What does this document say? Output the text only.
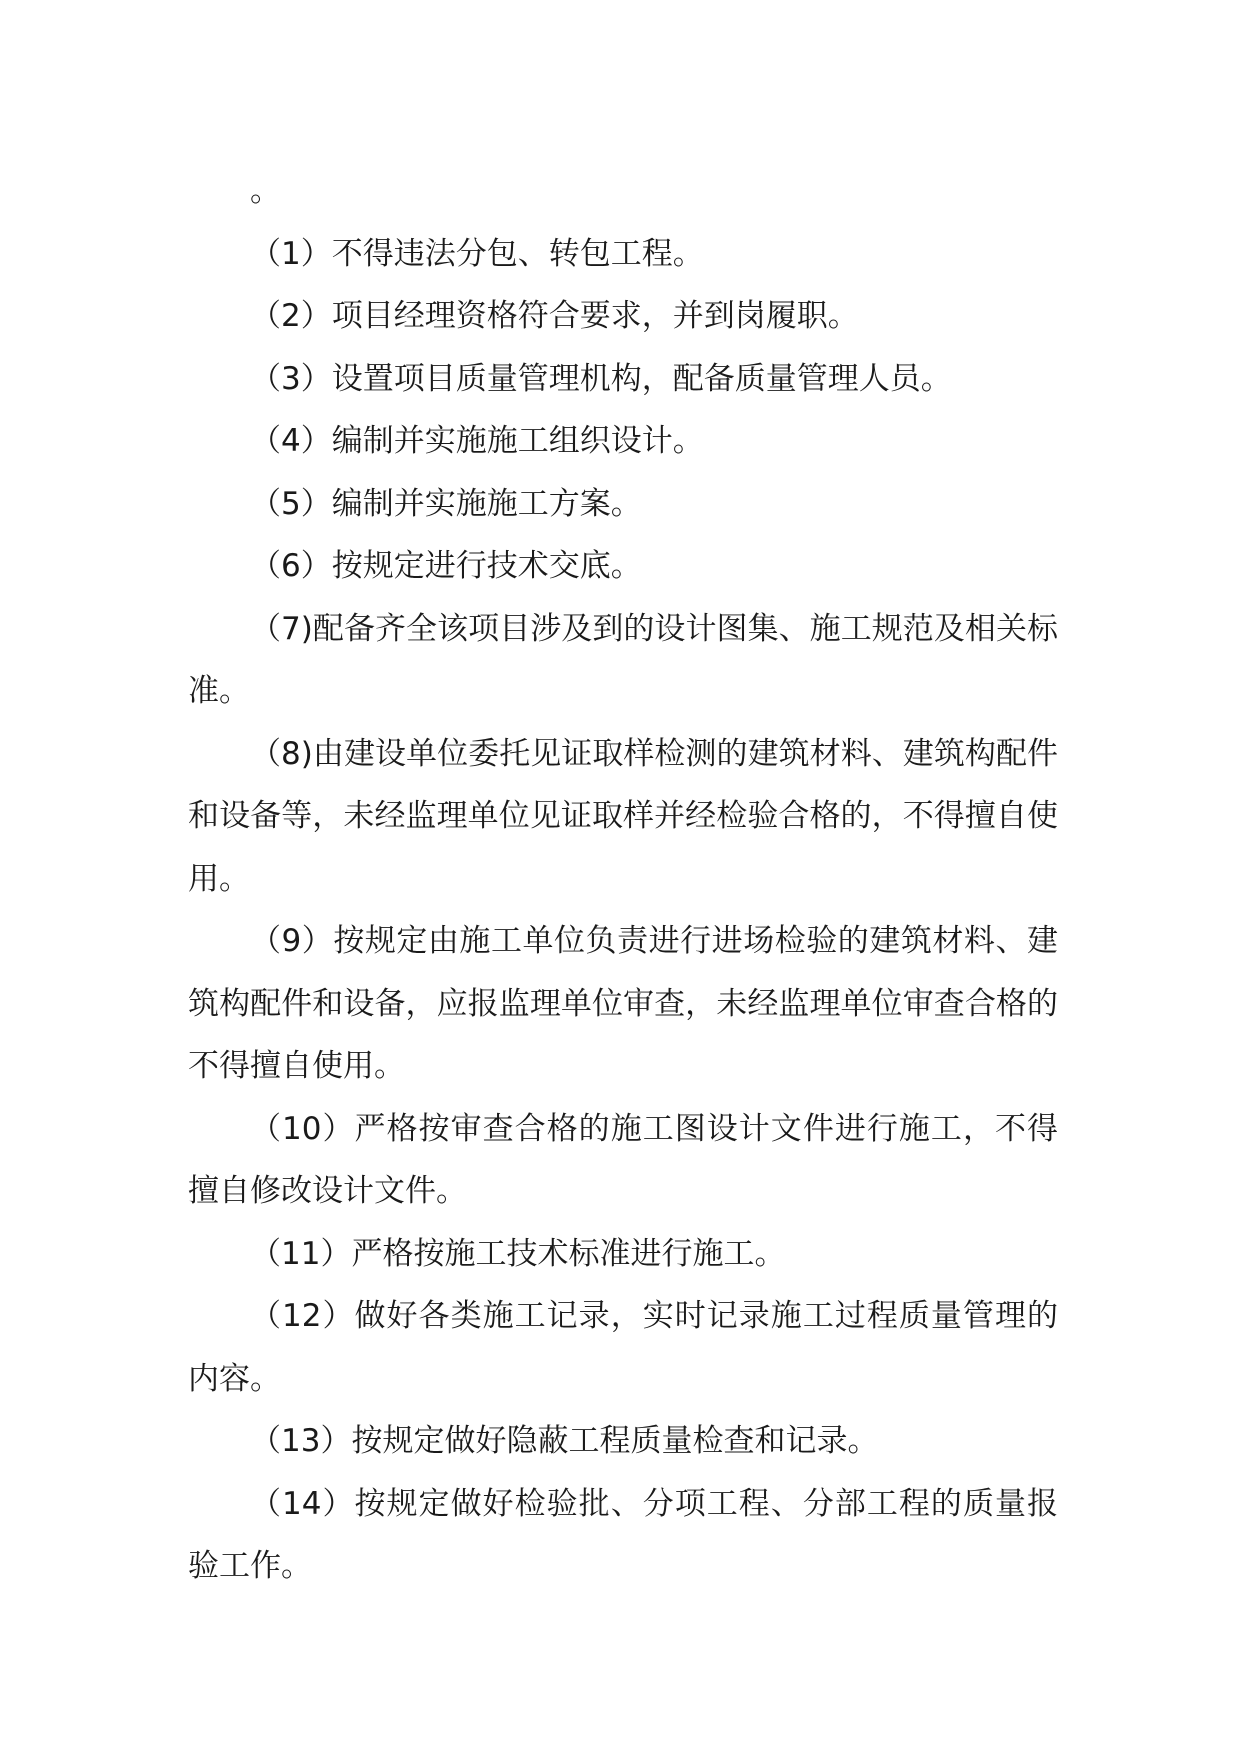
。

（1）不得违法分包、转包工程。

（2）项目经理资格符合要求，并到岗履职。

（3）设置项目质量管理机构，配备质量管理人员。

（4）编制并实施施工组织设计。

（5）编制并实施施工方案。

（6）按规定进行技术交底。

（7)配备齐全该项目涉及到的设计图集、施工规范及相关标准。

（8)由建设单位委托见证取样检测的建筑材料、建筑构配件和设备等，未经监理单位见证取样并经检验合格的，不得擅自使用。

（9）按规定由施工单位负责进行进场检验的建筑材料、建筑构配件和设备，应报监理单位审查，未经监理单位审查合格的不得擅自使用。

（10）严格按审查合格的施工图设计文件进行施工，不得擅自修改设计文件。

（11）严格按施工技术标准进行施工。

（12）做好各类施工记录，实时记录施工过程质量管理的内容。

（13）按规定做好隐蔽工程质量检查和记录。

（14）按规定做好检验批、分项工程、分部工程的质量报验工作。
